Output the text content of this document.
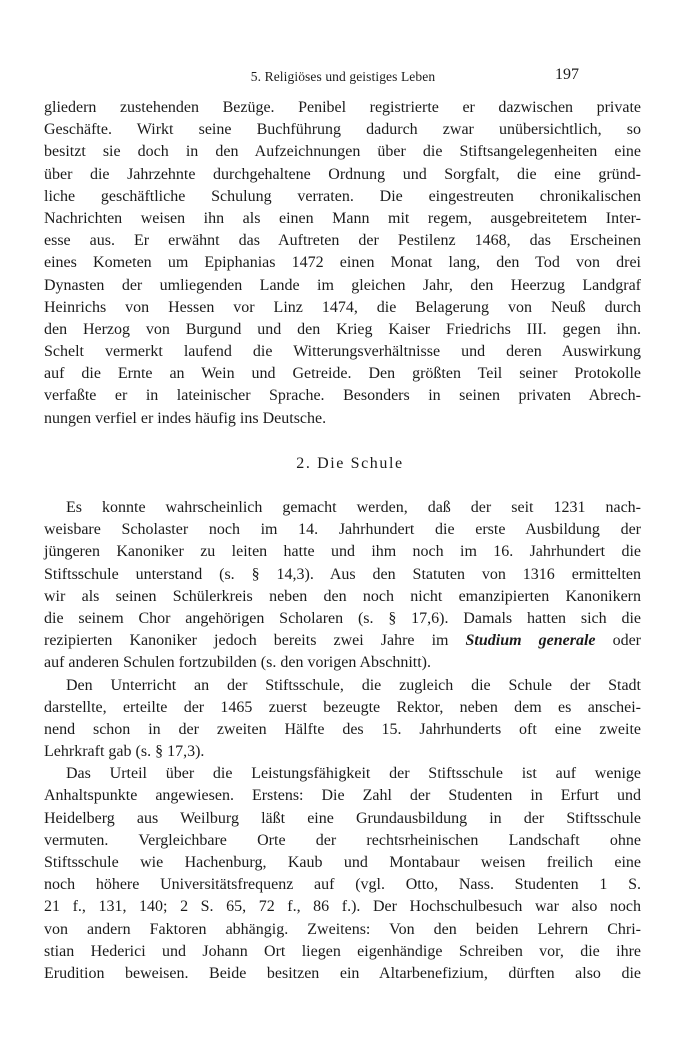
5. Religiöses und geistiges Leben	197
gliedern zustehenden Bezüge. Penibel registrierte er dazwischen private
Geschäfte. Wirkt seine Buchführung dadurch zwar unübersichtlich, so
besitzt sie doch in den Aufzeichnungen über die Stiftsangelegenheiten eine
über die Jahrzehnte durchgehaltene Ordnung und Sorgfalt, die eine gründ-
liche geschäftliche Schulung verraten. Die eingestreuten chronikalischen
Nachrichten weisen ihn als einen Mann mit regem, ausgebreitetem Inter-
esse aus. Er erwähnt das Auftreten der Pestilenz 1468, das Erscheinen
eines Kometen um Epiphanias 1472 einen Monat lang, den Tod von drei
Dynasten der umliegenden Lande im gleichen Jahr, den Heerzug Landgraf
Heinrichs von Hessen vor Linz 1474, die Belagerung von Neuß durch
den Herzog von Burgund und den Krieg Kaiser Friedrichs III. gegen ihn.
Schelt vermerkt laufend die Witterungsverhältnisse und deren Auswirkung
auf die Ernte an Wein und Getreide. Den größten Teil seiner Protokolle
verfaßte er in lateinischer Sprache. Besonders in seinen privaten Abrech-
nungen verfiel er indes häufig ins Deutsche.
2. Die Schule
Es konnte wahrscheinlich gemacht werden, daß der seit 1231 nach-
weisbare Scholaster noch im 14. Jahrhundert die erste Ausbildung der
jüngeren Kanoniker zu leiten hatte und ihm noch im 16. Jahrhundert die
Stiftsschule unterstand (s. § 14,3). Aus den Statuten von 1316 ermittelten
wir als seinen Schülerkreis neben den noch nicht emanzipierten Kanonikern
die seinem Chor angehörigen Scholaren (s. § 17,6). Damals hatten sich die
rezipierten Kanoniker jedoch bereits zwei Jahre im Studium generale oder
auf anderen Schulen fortzubilden (s. den vorigen Abschnitt).
Den Unterricht an der Stiftsschule, die zugleich die Schule der Stadt
darstellte, erteilte der 1465 zuerst bezeugte Rektor, neben dem es anschei-
nend schon in der zweiten Hälfte des 15. Jahrhunderts oft eine zweite
Lehrkraft gab (s. § 17,3).
Das Urteil über die Leistungsfähigkeit der Stiftsschule ist auf wenige
Anhaltspunkte angewiesen. Erstens: Die Zahl der Studenten in Erfurt und
Heidelberg aus Weilburg läßt eine Grundausbildung in der Stiftsschule
vermuten. Vergleichbare Orte der rechtsrheinischen Landschaft ohne
Stiftsschule wie Hachenburg, Kaub und Montabaur weisen freilich eine
noch höhere Universitätsfrequenz auf (vgl. Otto, Nass. Studenten 1 S.
21 f., 131, 140; 2 S. 65, 72 f., 86 f.). Der Hochschulbesuch war also noch
von andern Faktoren abhängig. Zweitens: Von den beiden Lehrern Chri-
stian Hederici und Johann Ort liegen eigenhändige Schreiben vor, die ihre
Erudition beweisen. Beide besitzen ein Altarbenefizium, dürften also die
